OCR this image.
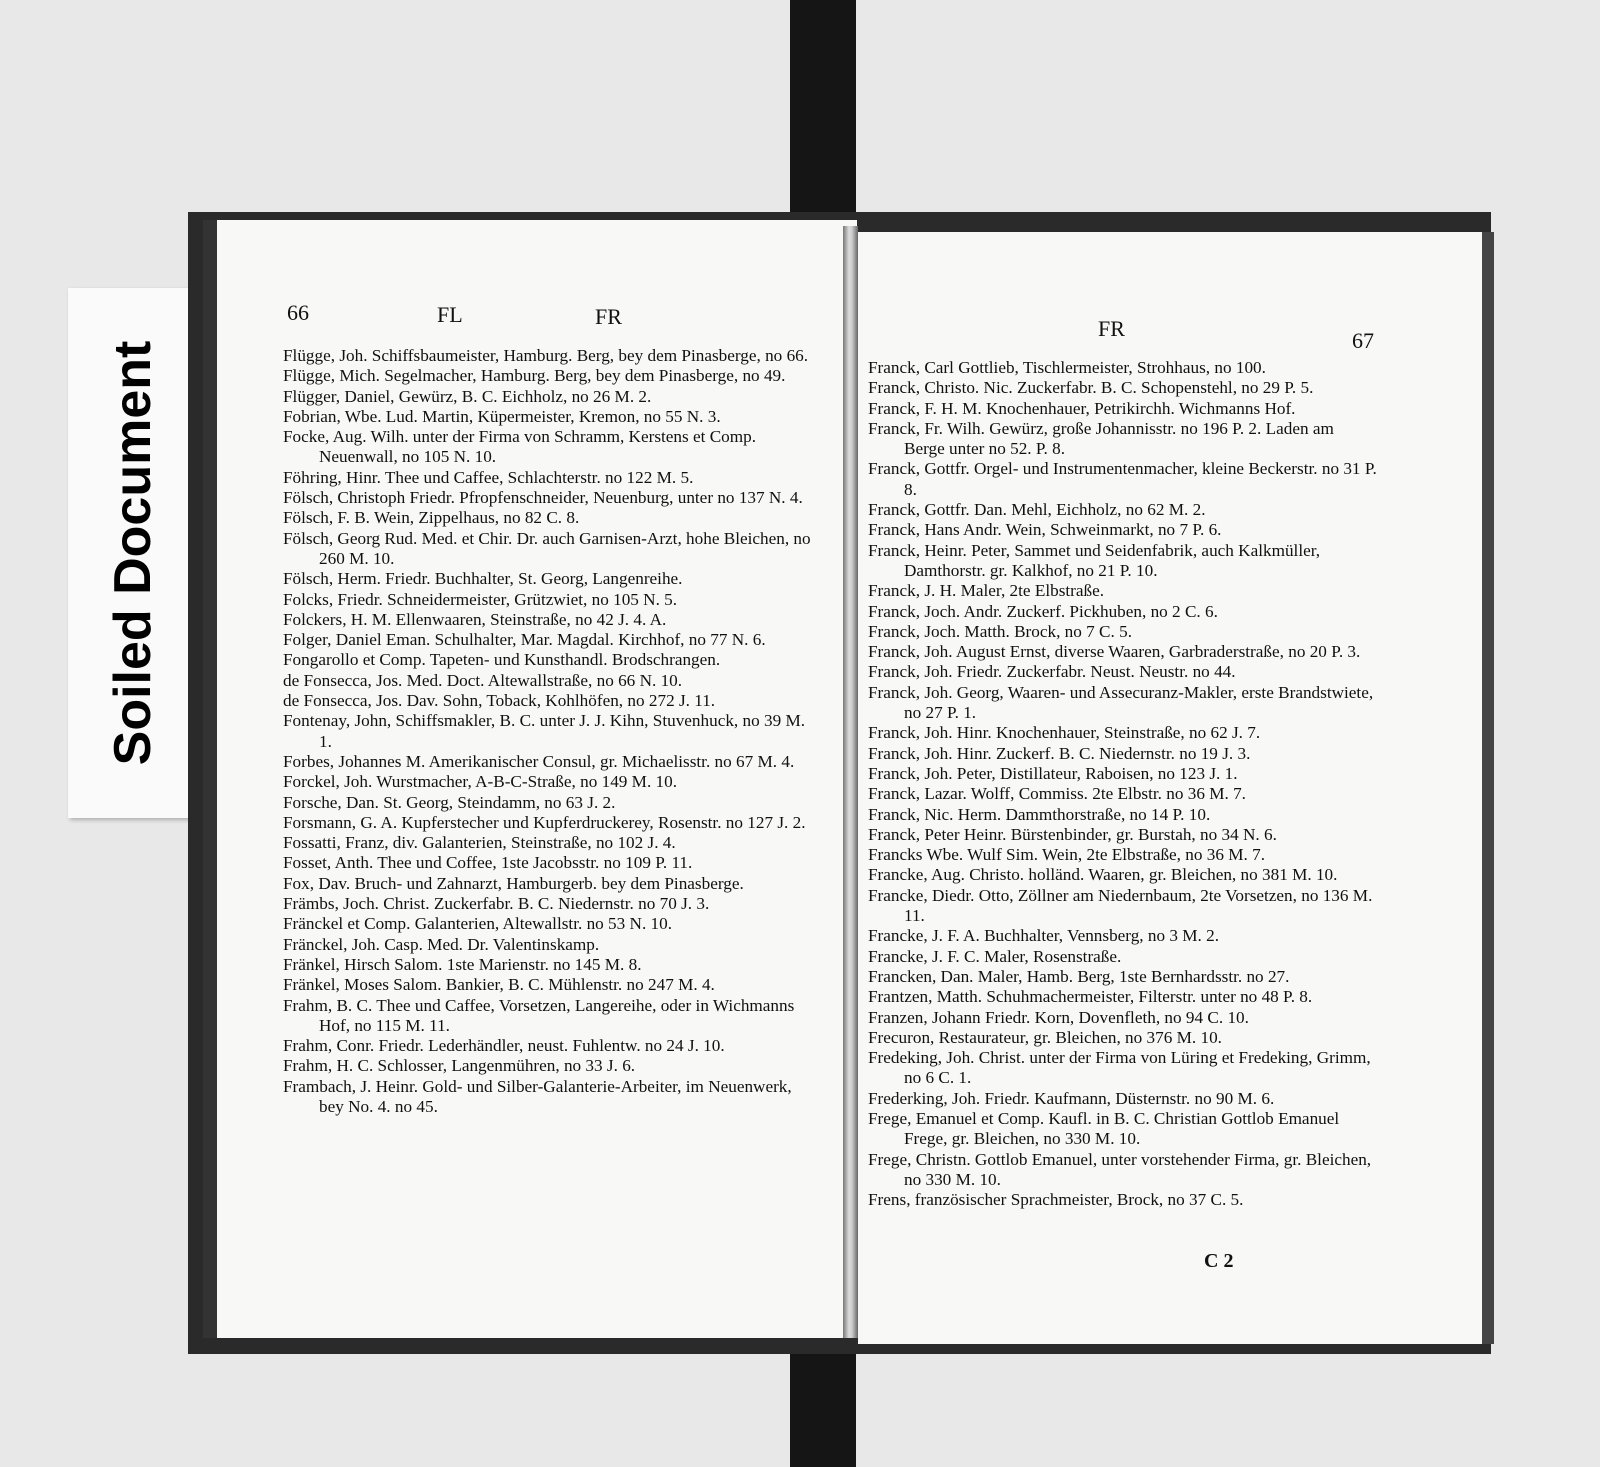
Soiled Document
66	FL	FR

Flügge, Joh. Schiffsbaumeister, Hamburg. Berg, bey dem Pinasberge, no 66.

Flügge, Mich. Segelmacher, Hamburg. Berg, bey dem Pinasberge, no 49.

Flügger, Daniel, Gewürz, B. C. Eichholz, no 26 M. 2.

Fobrian, Wbe. Lud. Martin, Küpermeister, Kremon, no 55 N. 3.

Focke, Aug. Wilh. unter der Firma von Schramm, Kerstens et Comp. Neuenwall, no 105 N. 10.

Föhring, Hinr. Thee und Caffee, Schlachterstr. no 122 M. 5.

Fölsch, Christoph Friedr. Pfropfenschneider, Neuenburg, unter no 137 N. 4.

Fölsch, F. B. Wein, Zippelhaus, no 82 C. 8.

Fölsch, Georg Rud. Med. et Chir. Dr. auch Garnisen-Arzt, hohe Bleichen, no 260 M. 10.

Fölsch, Herm. Friedr. Buchhalter, St. Georg, Langenreihe.

Folcks, Friedr. Schneidermeister, Grützwiet, no 105 N. 5.

Folckers, H. M. Ellenwaaren, Steinstraße, no 42 J. 4. A.

Folger, Daniel Eman. Schulhalter, Mar. Magdal. Kirchhof, no 77 N. 6.

Fongarollo et Comp. Tapeten- und Kunsthandl. Brodschrangen.

de Fonsecca, Jos. Med. Doct. Altewallstraße, no 66 N. 10.

de Fonsecca, Jos. Dav. Sohn, Toback, Kohlhöfen, no 272 J. 11.

Fontenay, John, Schiffsmakler, B. C. unter J. J. Kihn, Stuvenhuck, no 39 M. 1.

Forbes, Johannes M. Amerikanischer Consul, gr. Michaelisstr. no 67 M. 4.

Forckel, Joh. Wurstmacher, A-B-C-Straße, no 149 M. 10.

Forsche, Dan. St. Georg, Steindamm, no 63 J. 2.

Forsmann, G. A. Kupferstecher und Kupferdruckerey, Rosenstr. no 127 J. 2.

Fossatti, Franz, div. Galanterien, Steinstraße, no 102 J. 4.

Fosset, Anth. Thee und Coffee, 1ste Jacobsstr. no 109 P. 11.

Fox, Dav. Bruch- und Zahnarzt, Hamburgerb. bey dem Pinasberge.

Främbs, Joch. Christ. Zuckerfabr. B. C. Niedernstr. no 70 J. 3.

Fränckel et Comp. Galanterien, Altewallstr. no 53 N. 10.

Fränckel, Joh. Casp. Med. Dr. Valentinskamp.

Fränkel, Hirsch Salom. 1ste Marienstr. no 145 M. 8.

Fränkel, Moses Salom. Bankier, B. C. Mühlenstr. no 247 M. 4.

Frahm, B. C. Thee und Caffee, Vorsetzen, Langereihe, oder in Wichmanns Hof, no 115 M. 11.

Frahm, Conr. Friedr. Lederhändler, neust. Fuhlentw. no 24 J. 10.

Frahm, H. C. Schlosser, Langenmühren, no 33 J. 6.

Frambach, J. Heinr. Gold- und Silber-Galanterie-Arbeiter, im Neuenwerk, bey No. 4. no 45.

FR	67

Franck, Carl Gottlieb, Tischlermeister, Strohhaus, no 100.

Franck, Christo. Nic. Zuckerfabr. B. C. Schopenstehl, no 29 P. 5.

Franck, F. H. M. Knochenhauer, Petrikirchh. Wichmanns Hof.

Franck, Fr. Wilh. Gewürz, große Johannisstr. no 196 P. 2. Laden am Berge unter no 52. P. 8.

Franck, Gottfr. Orgel- und Instrumentenmacher, kleine Beckerstr. no 31 P. 8.

Franck, Gottfr. Dan. Mehl, Eichholz, no 62 M. 2.

Franck, Hans Andr. Wein, Schweinmarkt, no 7 P. 6.

Franck, Heinr. Peter, Sammet und Seidenfabrik, auch Kalkmüller, Damthorstr. gr. Kalkhof, no 21 P. 10.

Franck, J. H. Maler, 2te Elbstraße.

Franck, Joch. Andr. Zuckerf. Pickhuben, no 2 C. 6.

Franck, Joch. Matth. Brock, no 7 C. 5.

Franck, Joh. August Ernst, diverse Waaren, Garbraderstraße, no 20 P. 3.

Franck, Joh. Friedr. Zuckerfabr. Neust. Neustr. no 44.

Franck, Joh. Georg, Waaren- und Assecuranz-Makler, erste Brandstwiete, no 27 P. 1.

Franck, Joh. Hinr. Knochenhauer, Steinstraße, no 62 J. 7.

Franck, Joh. Hinr. Zuckerf. B. C. Niedernstr. no 19 J. 3.

Franck, Joh. Peter, Distillateur, Raboisen, no 123 J. 1.

Franck, Lazar. Wolff, Commiss. 2te Elbstr. no 36 M. 7.

Franck, Nic. Herm. Dammthorstraße, no 14 P. 10.

Franck, Peter Heinr. Bürstenbinder, gr. Burstah, no 34 N. 6.

Francks Wbe. Wulf Sim. Wein, 2te Elbstraße, no 36 M. 7.

Francke, Aug. Christo. holländ. Waaren, gr. Bleichen, no 381 M. 10.

Francke, Diedr. Otto, Zöllner am Niedernbaum, 2te Vorsetzen, no 136 M. 11.

Francke, J. F. A. Buchhalter, Vennsberg, no 3 M. 2.

Francke, J. F. C. Maler, Rosenstraße.

Francken, Dan. Maler, Hamb. Berg, 1ste Bernhardsstr. no 27.

Frantzen, Matth. Schuhmachermeister, Filterstr. unter no 48 P. 8.

Franzen, Johann Friedr. Korn, Dovenfleth, no 94 C. 10.

Frecuron, Restaurateur, gr. Bleichen, no 376 M. 10.

Fredeking, Joh. Christ. unter der Firma von Lüring et Fredeking, Grimm, no 6 C. 1.

Frederking, Joh. Friedr. Kaufmann, Düsternstr. no 90 M. 6.

Frege, Emanuel et Comp. Kaufl. in B. C. Christian Gottlob Emanuel Frege, gr. Bleichen, no 330 M. 10.

Frege, Christn. Gottlob Emanuel, unter vorstehender Firma, gr. Bleichen, no 330 M. 10.

Frens, französischer Sprachmeister, Brock, no 37 C. 5.

C 2
